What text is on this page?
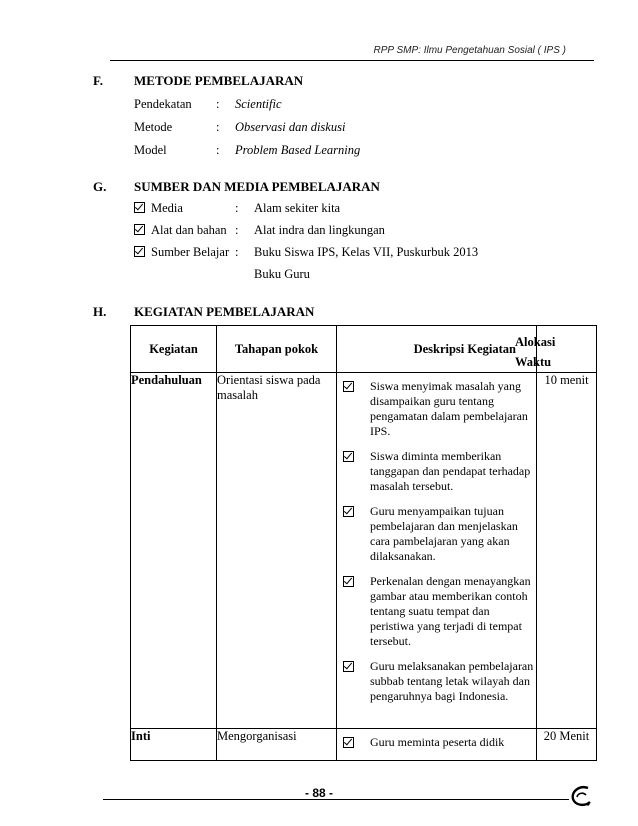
RPP SMP: Ilmu Pengetahuan Sosial ( IPS )
F. METODE PEMBELAJARAN
Pendekatan : Scientific
Metode	: Observasi dan diskusi
Model	: Problem Based Learning
G. SUMBER DAN MEDIA PEMBELAJARAN
Media	: Alam sekiter kita
Alat dan bahan : Alat indra dan lingkungan
Sumber Belajar : Buku Siswa IPS, Kelas VII, Puskurbuk 2013
Buku Guru
H. KEGIATAN PEMBELAJARAN
Kegiatan	Tahapan pokok	Deskripsi Kegiatan	Alokasi
Waktu

Pendahuluan	Orientasi siswa pada masalah	Siswa menyimak masalah yang disampaikan guru tentang pengamatan dalam pembelajaran IPS.
Siswa diminta memberikan tanggapan dan pendapat terhadap masalah tersebut.
Guru menyampaikan tujuan pembelajaran dan menjelaskan cara pambelajaran yang akan dilaksanakan.
Perkenalan dengan menayangkan gambar atau memberikan contoh tentang suatu tempat dan peristiwa yang terjadi di tempat tersebut.
Guru melaksanakan pembelajaran subbab tentang letak wilayah dan pengaruhnya bagi Indonesia.	10 menit
Inti	Mengorganisasi	Guru meminta peserta didik	20 Menit
- 88 -
